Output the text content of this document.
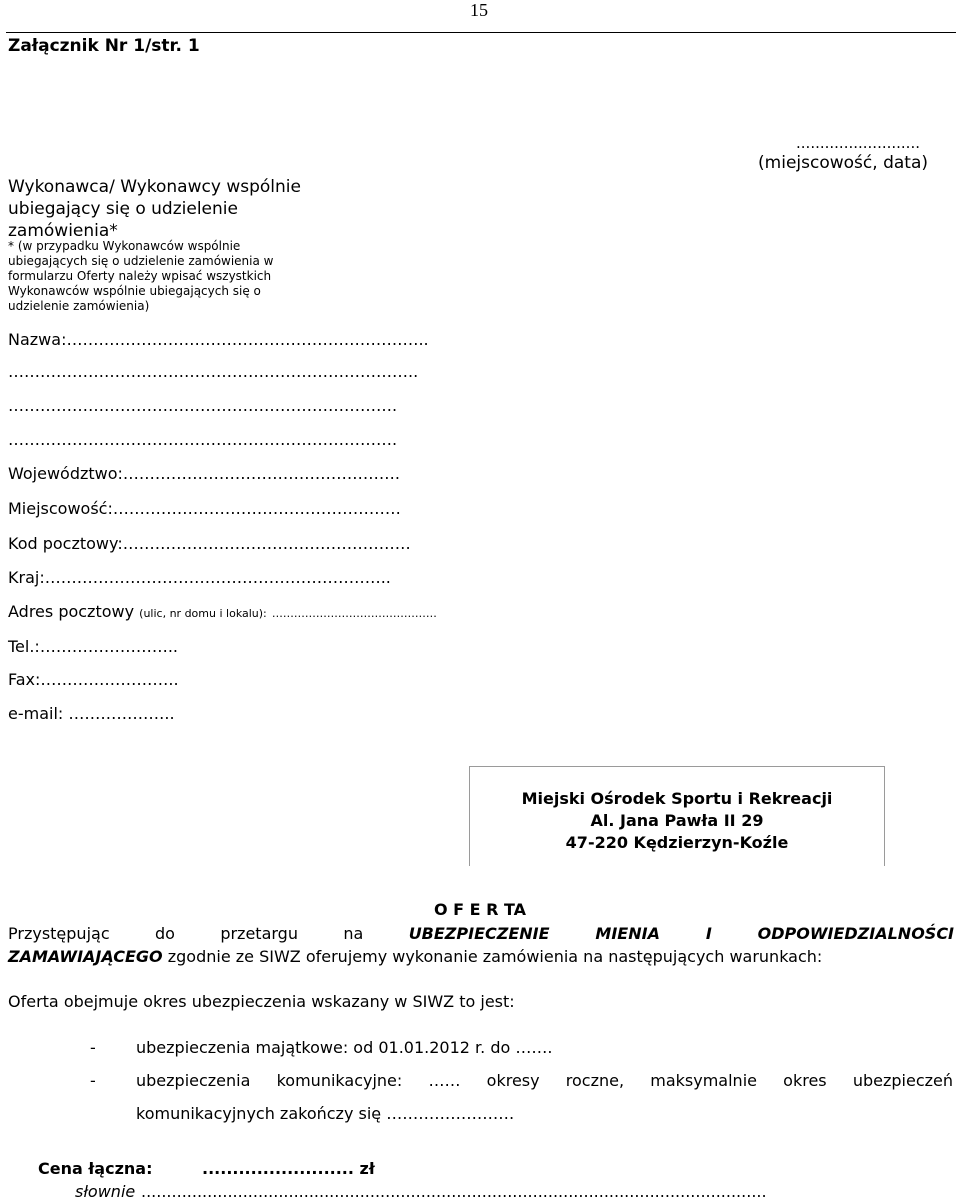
15
Załącznik Nr 1/str. 1
..........................
(miejscowość, data)
Wykonawca/ Wykonawcy wspólnie ubiegający się o udzielenie zamówienia*
* (w przypadku Wykonawców wspólnie ubiegających się o udzielenie zamówienia w formularzu Oferty należy wpisać wszystkich Wykonawców wspólnie ubiegających się o udzielenie zamówienia)
Nazwa:…………………………………………………………..
…………………………………………………………………..
……………………………………………………………….
……………………………………………………………….
Województwo:…………………………………………….
Miejscowość:………………………………………………
Kod pocztowy:………………………………………………
Kraj:………………………………………………………..
Adres pocztowy (ulic, nr domu i lokalu): ………………………………………
Tel.:……………………..
Fax:……………………..
e-mail: ………………..
Miejski Ośrodek Sportu i Rekreacji
Al. Jana Pawła II 29
47-220 Kędzierzyn-Koźle
O F E R TA
Przystępując do przetargu na	UBEZPIECZENIE MIENIA I ODPOWIEDZIALNOŚCI
ZAMAWIAJĄCEGO zgodnie ze SIWZ oferujemy wykonanie zamówienia na następujących warunkach:
Oferta obejmuje okres ubezpieczenia wskazany w SIWZ to jest:
-	ubezpieczenia majątkowe: od 01.01.2012 r. do …….
-	ubezpieczenia komunikacyjne: …… okresy roczne, maksymalnie okres ubezpieczeń
komunikacyjnych zakończy się ……………………
Cena łączna:	......................... zł
słownie ...........................................................................................................................
